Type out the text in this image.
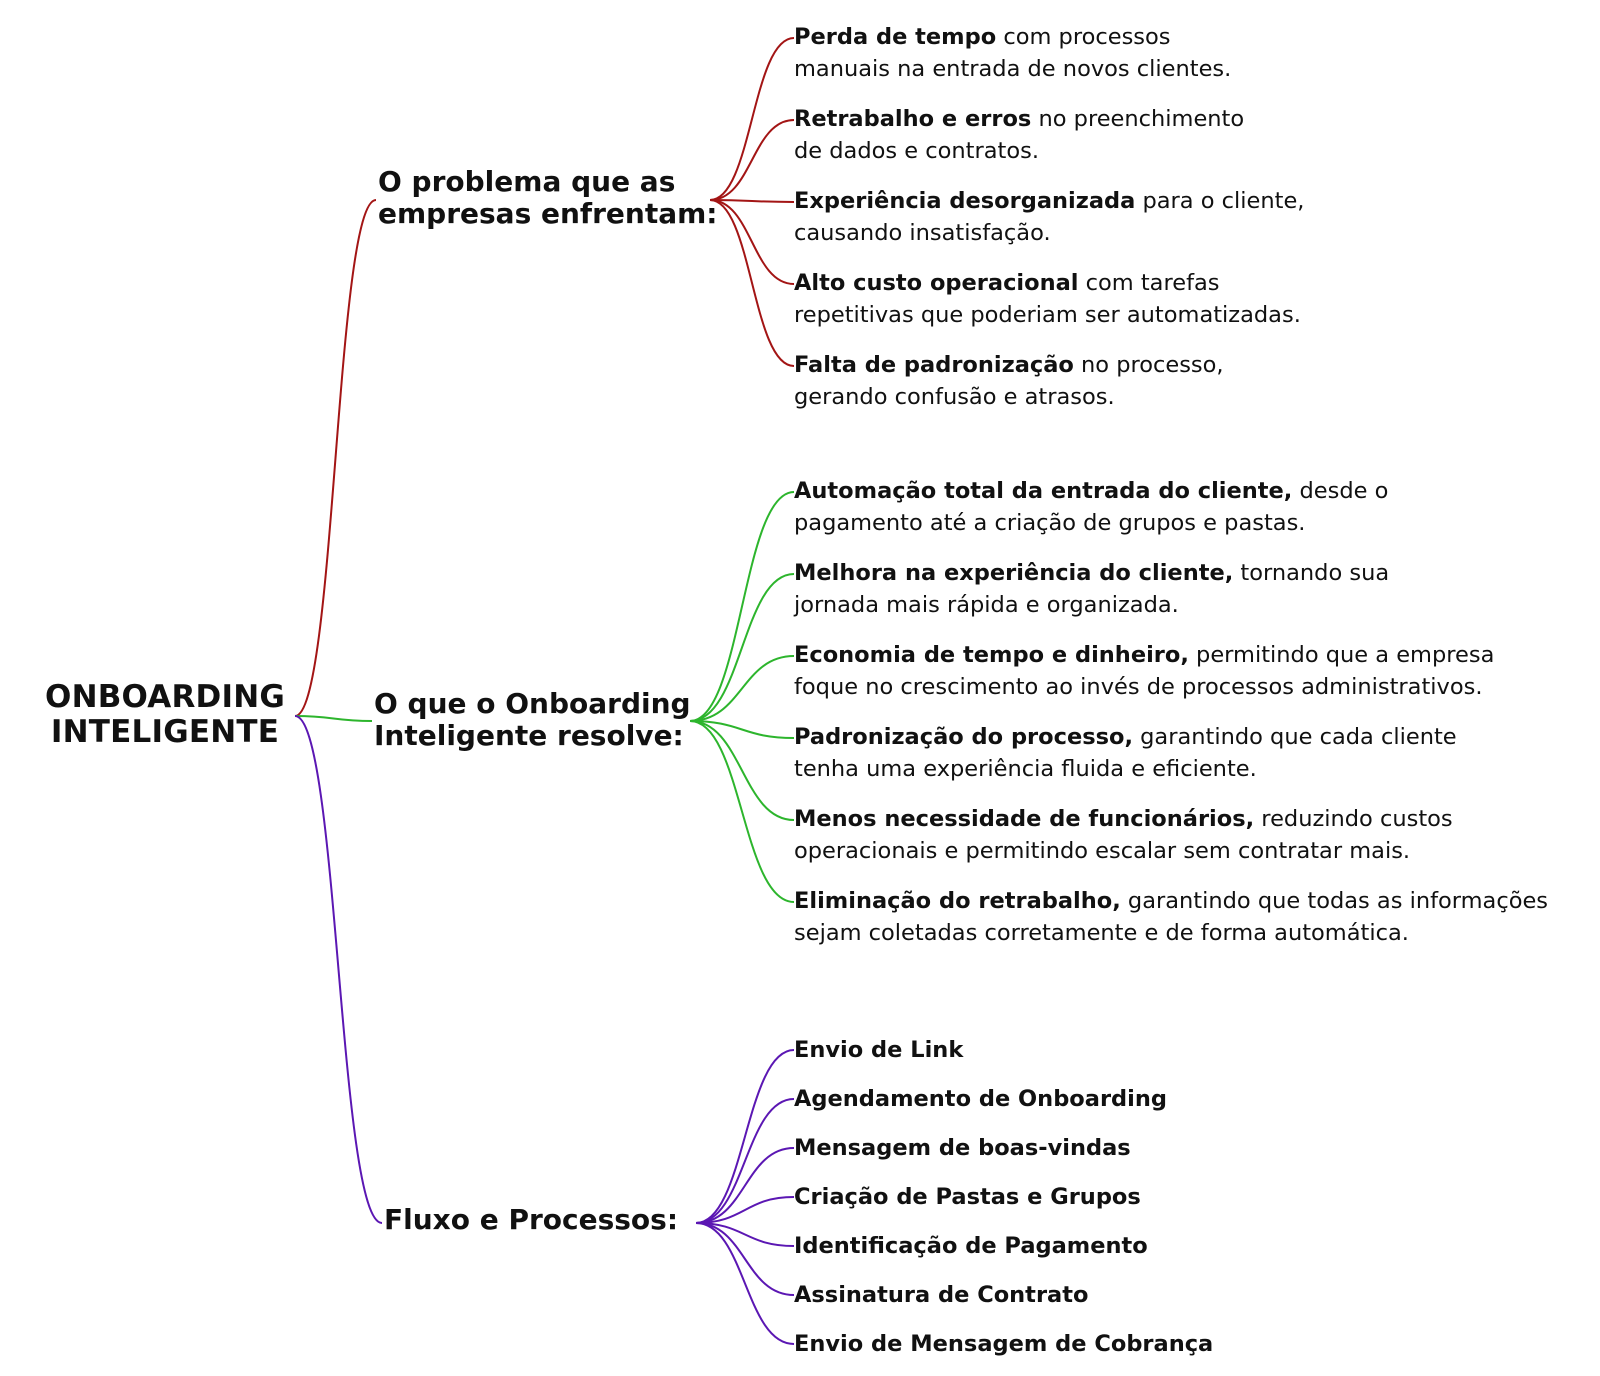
ONBOARDING
INTELIGENTE
O problema que as
empresas enfrentam:
O que o Onboarding
Inteligente resolve:
Fluxo e Processos:
Perda de tempo com processos
manuais na entrada de novos clientes.
Retrabalho e erros no preenchimento
de dados e contratos.
Experiência desorganizada para o cliente,
causando insatisfação.
Alto custo operacional com tarefas
repetitivas que poderiam ser automatizadas.
Falta de padronização no processo,
gerando confusão e atrasos.
Automação total da entrada do cliente, desde o
pagamento até a criação de grupos e pastas.
Melhora na experiência do cliente, tornando sua
jornada mais rápida e organizada.
Economia de tempo e dinheiro, permitindo que a empresa
foque no crescimento ao invés de processos administrativos.
Padronização do processo, garantindo que cada cliente
tenha uma experiência fluida e eficiente.
Menos necessidade de funcionários, reduzindo custos
operacionais e permitindo escalar sem contratar mais.
Eliminação do retrabalho, garantindo que todas as informações
sejam coletadas corretamente e de forma automática.
Envio de Link
Agendamento de Onboarding
Mensagem de boas-vindas
Criação de Pastas e Grupos
Identificação de Pagamento
Assinatura de Contrato
Envio de Mensagem de Cobrança
